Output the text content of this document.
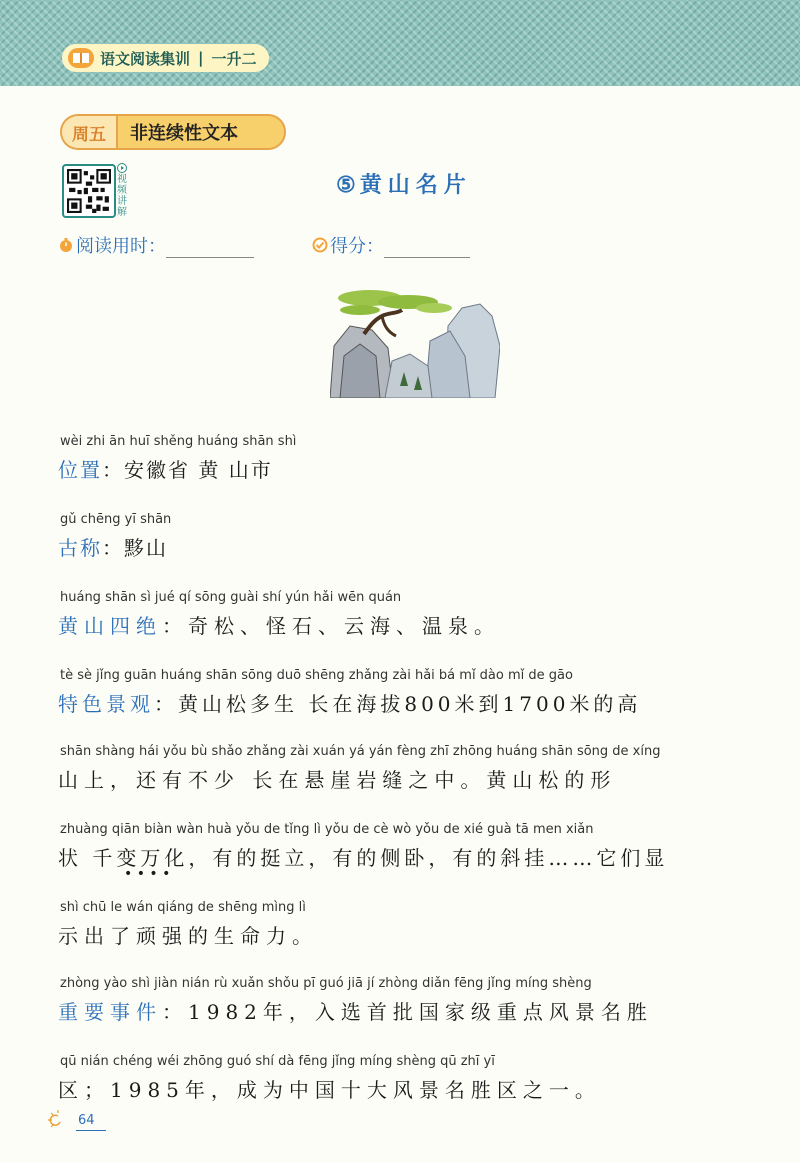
语文阅读集训 | 一升二
周五	非连续性文本
视频讲解
⑤ 黄山名片
阅读用时：	得分：
wèi zhi ān huī shěng huáng shān shì
位置：安徽省 黄 山市
gǔ chēng yī shān
古称：黟山
huáng shān sì jué qí sōng guài shí yún hǎi wēn quán
黄山四绝：奇松、怪石、云海、温泉。
tè sè jǐng guān huáng shān sōng duō shēng zhǎng zài hǎi bá mǐ dào mǐ de gāo
特色景观：黄山松多生 长在海拔800米到1700米的高
shān shàng hái yǒu bù shǎo zhǎng zài xuán yá yán fèng zhī zhōng huáng shān sōng de xíng
山上，还有不少 长在悬崖岩缝之中。黄山松的形
zhuàng qiān biàn wàn huà yǒu de tǐng lì yǒu de cè wò yǒu de xié guà tā men xiǎn
状 千变万化，有的挺立，有的侧卧，有的斜挂……它们显
• • • •
shì chū le wán qiáng de shēng mìng lì
示出了顽强的生命力。
zhòng yào shì jiàn nián rù xuǎn shǒu pī guó jiā jí zhòng diǎn fēng jǐng míng shèng
重要事件：1982年，入选首批国家级重点风景名胜
qū nián chéng wéi zhōng guó shí dà fēng jǐng míng shèng qū zhī yī
区；1985年，成为中国十大风景名胜区之一。
64
